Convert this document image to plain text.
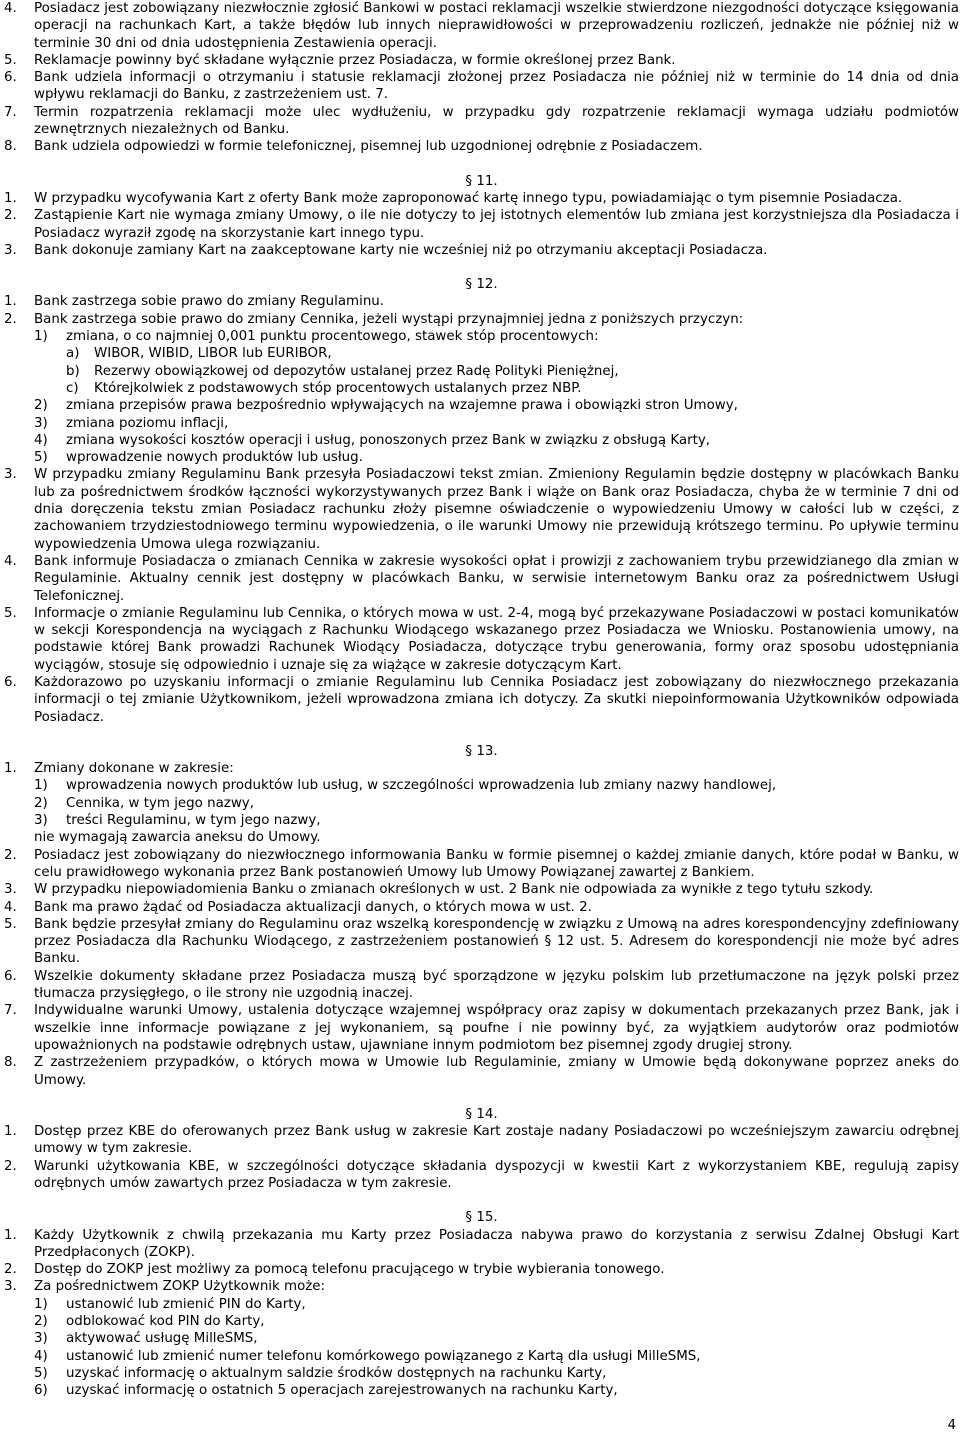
4.	Posiadacz jest zobowiązany niezwłocznie zgłosić Bankowi w postaci reklamacji wszelkie stwierdzone niezgodności dotyczące księgowania operacji na rachunkach Kart, a także błędów lub innych nieprawidłowości w przeprowadzeniu rozliczeń, jednakże nie później niż w terminie 30 dni od dnia udostępnienia Zestawienia operacji.
5.	Reklamacje powinny być składane wyłącznie przez Posiadacza, w formie określonej przez Bank.
6.	Bank udziela informacji o otrzymaniu i statusie reklamacji złożonej przez Posiadacza nie później niż w terminie do 14 dnia od dnia wpływu reklamacji do Banku, z zastrzeżeniem ust. 7.
7.	Termin rozpatrzenia reklamacji może ulec wydłużeniu, w przypadku gdy rozpatrzenie reklamacji wymaga udziału podmiotów zewnętrznych niezależnych od Banku.
8.	Bank udziela odpowiedzi w formie telefonicznej, pisemnej lub uzgodnionej odrębnie z Posiadaczem.
§ 11.
1.	W przypadku wycofywania Kart z oferty Bank może zaproponować kartę innego typu, powiadamiając o tym pisemnie Posiadacza.
2.	Zastąpienie Kart nie wymaga zmiany Umowy, o ile nie dotyczy to jej istotnych elementów lub zmiana jest korzystniejsza dla Posiadacza i Posiadacz wyraził zgodę na skorzystanie kart innego typu.
3.	Bank dokonuje zamiany Kart na zaakceptowane karty nie wcześniej niż po otrzymaniu akceptacji Posiadacza.
§ 12.
1.	Bank zastrzega sobie prawo do zmiany Regulaminu.
2.	Bank zastrzega sobie prawo do zmiany Cennika, jeżeli wystąpi przynajmniej jedna z poniższych przyczyn:
1)	zmiana, o co najmniej 0,001 punktu procentowego, stawek stóp procentowych:
a)	WIBOR, WIBID, LIBOR lub EURIBOR,
b)	Rezerwy obowiązkowej od depozytów ustalanej przez Radę Polityki Pieniężnej,
c)	Którejkolwiek z podstawowych stóp procentowych ustalanych przez NBP.
2)	zmiana przepisów prawa bezpośrednio wpływających na wzajemne prawa i obowiązki stron Umowy,
3)	zmiana poziomu inflacji,
4)	zmiana wysokości kosztów operacji i usług, ponoszonych przez Bank w związku z obsługą Karty,
5)	wprowadzenie nowych produktów lub usług.
3.	W przypadku zmiany Regulaminu Bank przesyła Posiadaczowi tekst zmian. Zmieniony Regulamin będzie dostępny w placówkach Banku lub za pośrednictwem środków łączności wykorzystywanych przez Bank i wiąże on Bank oraz Posiadacza, chyba że w terminie 7 dni od dnia doręczenia tekstu zmian Posiadacz rachunku złoży pisemne oświadczenie o wypowiedzeniu Umowy w całości lub w części, z zachowaniem trzydziestodniowego terminu wypowiedzenia, o ile warunki Umowy nie przewidują krótszego terminu. Po upływie terminu wypowiedzenia Umowa ulega rozwiązaniu.
4.	Bank informuje Posiadacza o zmianach Cennika w zakresie wysokości opłat i prowizji z zachowaniem trybu przewidzianego dla zmian w Regulaminie. Aktualny cennik jest dostępny w placówkach Banku, w serwisie internetowym Banku oraz za pośrednictwem Usługi Telefonicznej.
5.	Informacje o zmianie Regulaminu lub Cennika, o których mowa w ust. 2-4, mogą być przekazywane Posiadaczowi w postaci komunikatów w sekcji Korespondencja na wyciągach z Rachunku Wiodącego wskazanego przez Posiadacza we Wniosku. Postanowienia umowy, na podstawie której Bank prowadzi Rachunek Wiodący Posiadacza, dotyczące trybu generowania, formy oraz sposobu udostępniania wyciągów, stosuje się odpowiednio i uznaje się za wiążące w zakresie dotyczącym Kart.
6.	Każdorazowo po uzyskaniu informacji o zmianie Regulaminu lub Cennika Posiadacz jest zobowiązany do niezwłocznego przekazania informacji o tej zmianie Użytkownikom, jeżeli wprowadzona zmiana ich dotyczy. Za skutki niepoinformowania Użytkowników odpowiada Posiadacz.
§ 13.
1.	Zmiany dokonane w zakresie:
1)	wprowadzenia nowych produktów lub usług, w szczególności wprowadzenia lub zmiany nazwy handlowej,
2)	Cennika, w tym jego nazwy,
3)	treści Regulaminu, w tym jego nazwy,
nie wymagają zawarcia aneksu do Umowy.
2.	Posiadacz jest zobowiązany do niezwłocznego informowania Banku w formie pisemnej o każdej zmianie danych, które podał w Banku, w celu prawidłowego wykonania przez Bank postanowień Umowy lub Umowy Powiązanej zawartej z Bankiem.
3.	W przypadku niepowiadomienia Banku o zmianach określonych w ust. 2 Bank nie odpowiada za wynikłe z tego tytułu szkody.
4.	Bank ma prawo żądać od Posiadacza aktualizacji danych, o których mowa w ust. 2.
5.	Bank będzie przesyłał zmiany do Regulaminu oraz wszelką korespondencję w związku z Umową na adres korespondencyjny zdefiniowany przez Posiadacza dla Rachunku Wiodącego, z zastrzeżeniem postanowień § 12 ust. 5. Adresem do korespondencji nie może być adres Banku.
6.	Wszelkie dokumenty składane przez Posiadacza muszą być sporządzone w języku polskim lub przetłumaczone na język polski przez tłumacza przysięgłego, o ile strony nie uzgodnią inaczej.
7.	Indywidualne warunki Umowy, ustalenia dotyczące wzajemnej współpracy oraz zapisy w dokumentach przekazanych przez Bank, jak i wszelkie inne informacje powiązane z jej wykonaniem, są poufne i nie powinny być, za wyjątkiem audytorów oraz podmiotów upoważnionych na podstawie odrębnych ustaw, ujawniane innym podmiotom bez pisemnej zgody drugiej strony.
8.	Z zastrzeżeniem przypadków, o których mowa w Umowie lub Regulaminie, zmiany w Umowie będą dokonywane poprzez aneks do Umowy.
§ 14.
1.	Dostęp przez KBE do oferowanych przez Bank usług w zakresie Kart zostaje nadany Posiadaczowi po wcześniejszym zawarciu odrębnej umowy w tym zakresie.
2.	Warunki użytkowania KBE, w szczególności dotyczące składania dyspozycji w kwestii Kart z wykorzystaniem KBE, regulują zapisy odrębnych umów zawartych przez Posiadacza w tym zakresie.
§ 15.
1.	Każdy Użytkownik z chwilą przekazania mu Karty przez Posiadacza nabywa prawo do korzystania z serwisu Zdalnej Obsługi Kart Przedpłaconych (ZOKP).
2.	Dostęp do ZOKP jest możliwy za pomocą telefonu pracującego w trybie wybierania tonowego.
3.	Za pośrednictwem ZOKP Użytkownik może:
1)	ustanowić lub zmienić PIN do Karty,
2)	odblokować kod PIN do Karty,
3)	aktywować usługę MilleSMS,
4)	ustanowić lub zmienić numer telefonu komórkowego powiązanego z Kartą dla usługi MilleSMS,
5)	uzyskać informację o aktualnym saldzie środków dostępnych na rachunku Karty,
6)	uzyskać informację o ostatnich 5 operacjach zarejestrowanych na rachunku Karty,
4
